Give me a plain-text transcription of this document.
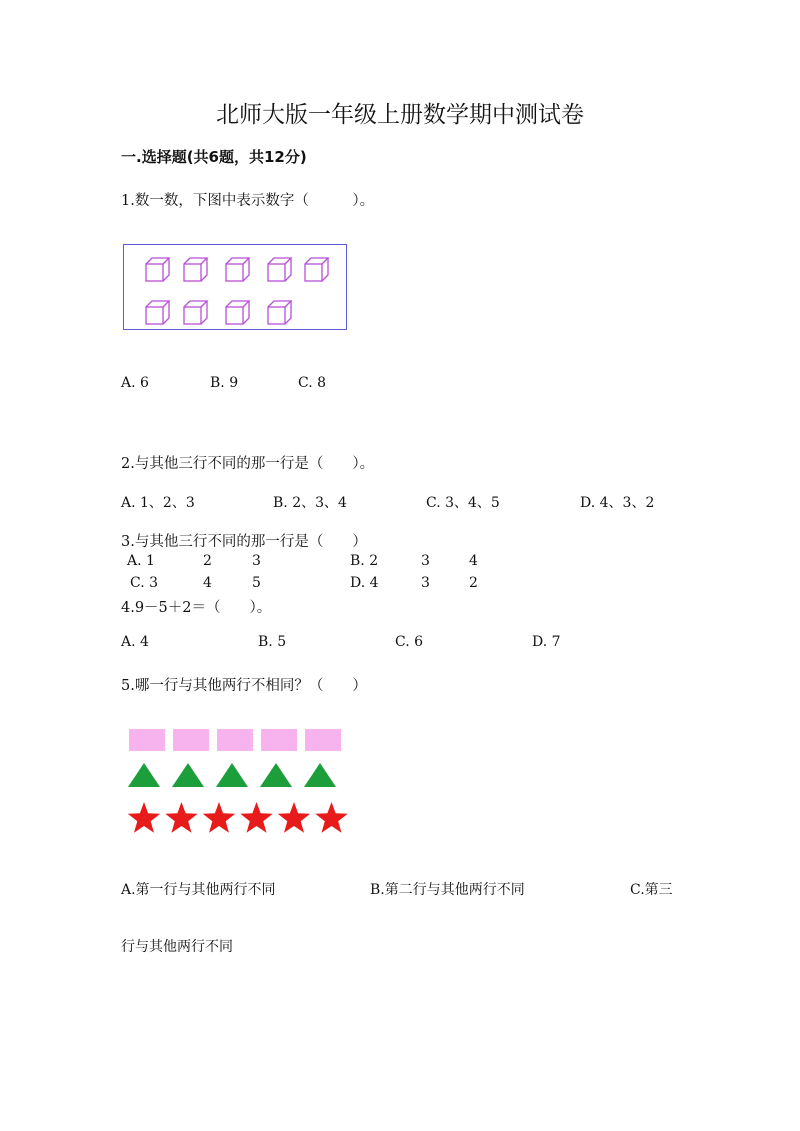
北师大版一年级上册数学期中测试卷
一.选择题(共6题，共12分)
1.数一数，下图中表示数字（　　　）。
A. 6	B. 9	C. 8
2.与其他三行不同的那一行是（　　）。
A. 1、2、3	B. 2、3、4	C. 3、4、5	D. 4、3、2
3.与其他三行不同的那一行是（　　）
A. 1	2	3	B. 2	3	4
C. 3	4	5	D. 4	3	2
4.9－5＋2＝（　　）。
A. 4	B. 5	C. 6	D. 7
5.哪一行与其他两行不相同？（　　）
A.第一行与其他两行不同	B.第二行与其他两行不同	C.第三
行与其他两行不同
